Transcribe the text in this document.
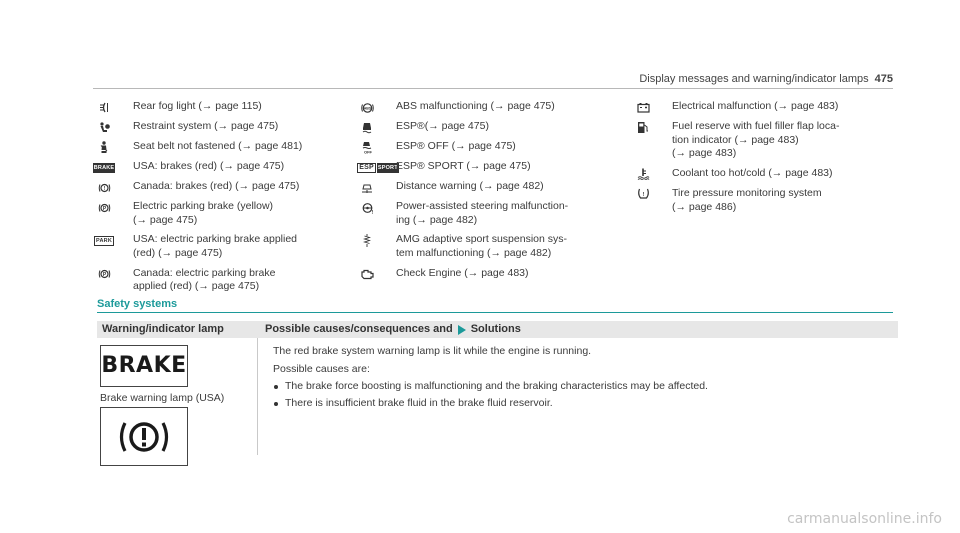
Display messages and warning/indicator lamps 475
Rear fog light (→ page 115)
Restraint system (→ page 475)
Seat belt not fastened (→ page 481)
BRAKE USA: brakes (red) (→ page 475)
!	Canada: brakes (red) (→ page 475)
P	Electric parking brake (yellow)
(→ page 475)
PARK USA: electric parking brake applied
(red) (→ page 475)
P	Canada: electric parking brake
applied (red) (→ page 475)
ABS ABS malfunctioning (→ page 475)
ESP®(→ page 475)
OFF ESP® OFF (→ page 475)
ESP SPORT
ESP® SPORT (→ page 475)
Distance warning (→ page 482)
!
Power-assisted steering malfunction-
ing (→ page 482)
AMG adaptive sport suspension sys-
tem malfunctioning (→ page 482)
Check Engine (→ page 483)
Electrical malfunction (→ page 483)
Fuel reserve with fuel filler flap loca-
tion indicator (→ page 483)
(→ page 483)
Coolant too hot/cold (→ page 483)
!	Tire pressure monitoring system
(→ page 486)
Safety systems
Warning/indicator lamp	Possible causes/consequences and Solutions
BRAKE
Brake warning lamp (USA)

The red brake system warning lamp is lit while the engine is running.

Possible causes are:

The brake force boosting is malfunctioning and the braking characteristics may be affected.
There is insufficient brake fluid in the brake fluid reservoir.
carmanualsonline.info
